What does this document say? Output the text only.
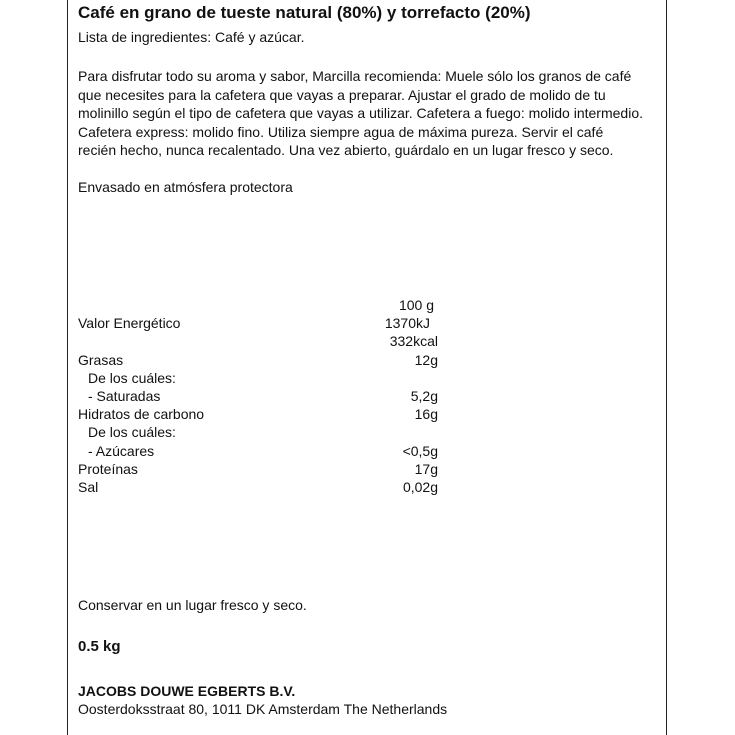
Café en grano de tueste natural (80%) y torrefacto (20%)
Lista de ingredientes: Café y azúcar.
Para disfrutar todo su aroma y sabor, Marcilla recomienda: Muele sólo los granos de café que necesites para la cafetera que vayas a preparar. Ajustar el grado de molido de tu molinillo según el tipo de cafetera que vayas a utilizar. Cafetera a fuego: molido intermedio. Cafetera express: molido fino. Utiliza siempre agua de máxima pureza. Servir el café recién hecho, nunca recalentado. Una vez abierto, guárdalo en un lugar fresco y seco.
Envasado en atmósfera protectora
100 g
Valor Energético	1370kJ
332kcal
Grasas	12g
De los cuáles:
- Saturadas	5,2g
Hidratos de carbono	16g
De los cuáles:
- Azúcares	<0,5g
Proteínas	17g
Sal	0,02g
Conservar en un lugar fresco y seco.
0.5 kg
JACOBS DOUWE EGBERTS B.V.
Oosterdoksstraat 80, 1011 DK Amsterdam The Netherlands
